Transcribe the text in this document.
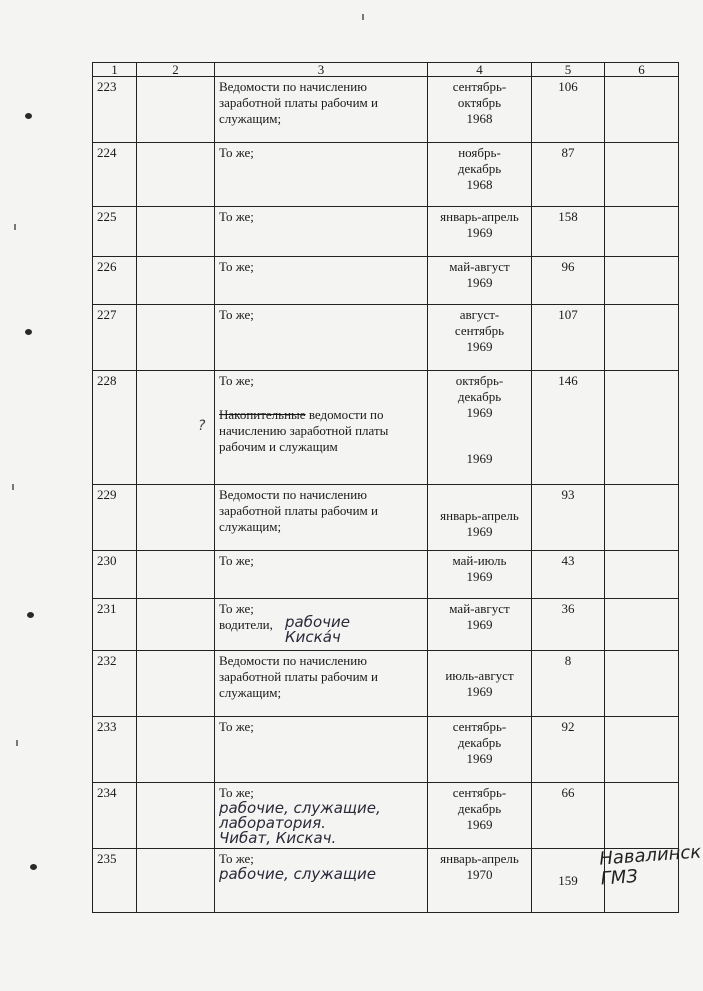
1	2	3	4	5	6
223		Ведомости по начислению заработной платы рабочим и служащим;	сентябрь-
октябрь
1968	106	
224		То же;	ноябрь-
декабрь
1968	87	
225		То же;	январь-апрель
1969	158	
226		То же;	май-август
1969	96	
227		То же;	август-
сентябрь
1969	107	
228		То же;
Накопительные ведомости по начислению заработной платы рабочим и служащим	октябрь-
декабрь
1969
1969	146	
229		Ведомости по начислению заработной платы рабочим и служащим;	январь-апрель
1969	93	
230		То же;	май-июль
1969	43	
231		То же;
водители, рабочие
Киска́ч	май-август
1969	36	
232		Ведомости по начислению заработной платы рабочим и служащим;	июль-август
1969	8	
233		То же;	сентябрь-
декабрь
1969	92	
234		То же;
рабочие, служащие,
лаборатория.
Чибат, Кискач.	сентябрь-
декабрь
1969	66	
235		То же;
рабочие, служащие	январь-апрель
1970	159	
?
Навалинск
ГМЗ
